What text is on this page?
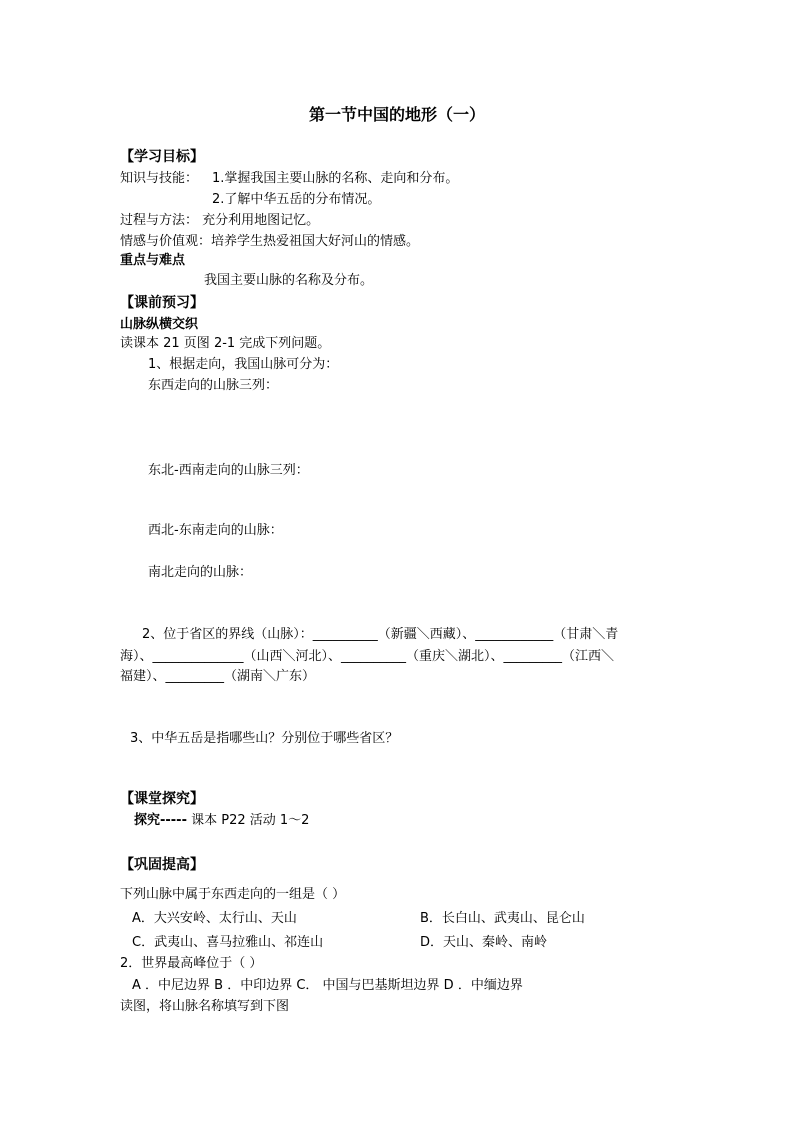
第一节中国的地形（一）
【学习目标】
知识与技能： 1.掌握我国主要山脉的名称、走向和分布。
2.了解中华五岳的分布情况。
过程与方法： 充分利用地图记忆。
情感与价值观：培养学生热爱祖国大好河山的情感。
重点与难点
我国主要山脉的名称及分布。
【课前预习】
山脉纵横交织
读课本 21 页图 2-1 完成下列问题。
1、根据走向，我国山脉可分为：
东西走向的山脉三列：
东北-西南走向的山脉三列：
西北-东南走向的山脉：
南北走向的山脉：
2、位于省区的界线（山脉）：__________（新疆＼西藏）、____________（甘肃＼青
海）、______________（山西＼河北）、__________（重庆＼湖北）、_________（江西＼
福建）、_________（湖南＼广东）
3、中华五岳是指哪些山？分别位于哪些省区？
【课堂探究】
探究----- 课本 P22 活动 1～2
【巩固提高】
下列山脉中属于东西走向的一组是（ ）
A．大兴安岭、太行山、天山	B．长白山、武夷山、昆仑山
C．武夷山、喜马拉雅山、祁连山	D．天山、秦岭、南岭
2．世界最高峰位于（ ）
A ．中尼边界 B ．中印边界 C． 中国与巴基斯坦边界 D ．中缅边界
读图，将山脉名称填写到下图
